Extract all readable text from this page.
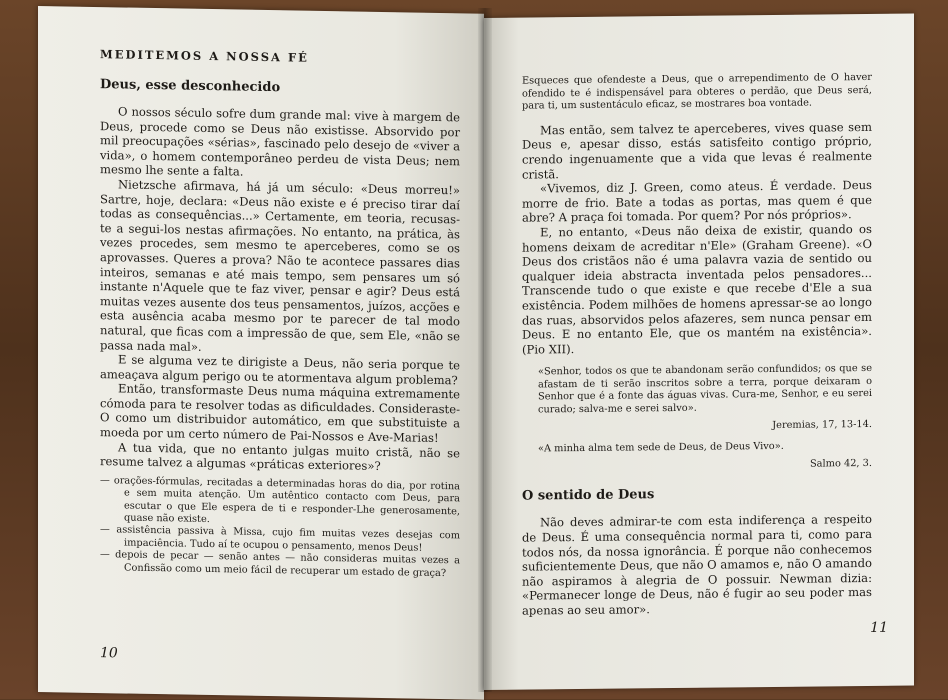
MEDITEMOS A NOSSA FÉ
Deus, esse desconhecido

O nossos século sofre dum grande mal: vive à margem de Deus, procede como se Deus não existisse. Absorvido por mil preocupações «sérias», fascinado pelo desejo de «viver a vida», o homem contemporâneo perdeu de vista Deus; nem mesmo lhe sente a falta.

Nietzsche afirmava, há já um século: «Deus morreu!» Sartre, hoje, declara: «Deus não existe e é preciso tirar daí todas as consequências...» Certamente, em teoria, recusas-te a segui-los nestas afirmações. No entanto, na prática, às vezes procedes, sem mesmo te aperceberes, como se os aprovasses. Queres a prova? Não te acontece passares dias inteiros, semanas e até mais tempo, sem pensares um só instante n'Aquele que te faz viver, pensar e agir? Deus está muitas vezes ausente dos teus pensamentos, juízos, acções e esta ausência acaba mesmo por te parecer de tal modo natural, que ficas com a impressão de que, sem Ele, «não se passa nada mal».

E se alguma vez te dirigiste a Deus, não seria porque te ameaçava algum perigo ou te atormentava algum problema?

Então, transformaste Deus numa máquina extremamente cómoda para te resolver todas as dificuldades. Consideraste-O como um distribuidor automático, em que substituiste a moeda por um certo número de Pai-Nossos e Ave-Marias!

A tua vida, que no entanto julgas muito cristã, não se resume talvez a algumas «práticas exteriores»?

— orações-fórmulas, recitadas a determinadas horas do dia, por rotina e sem muita atenção. Um autêntico contacto com Deus, para escutar o que Ele espera de ti e responder-Lhe generosamente, quase não existe.
— assistência passiva à Missa, cujo fim muitas vezes desejas com impaciência. Tudo aí te ocupou o pensamento, menos Deus!
— depois de pecar — senão antes — não consideras muitas vezes a Confissão como um meio fácil de recuperar um estado de graça?
10

Esqueces que ofendeste a Deus, que o arrependimento de O haver ofendido te é indispensável para obteres o perdão, que Deus será, para ti, um sustentáculo eficaz, se mostrares boa vontade.

Mas então, sem talvez te aperceberes, vives quase sem Deus e, apesar disso, estás satisfeito contigo próprio, crendo ingenuamente que a vida que levas é realmente cristã.

«Vivemos, diz J. Green, como ateus. É verdade. Deus morre de frio. Bate a todas as portas, mas quem é que abre? A praça foi tomada. Por quem? Por nós próprios».

E, no entanto, «Deus não deixa de existir, quando os homens deixam de acreditar n'Ele» (Graham Greene). «O Deus dos cristãos não é uma palavra vazia de sentido ou qualquer ideia abstracta inventada pelos pensadores... Transcende tudo o que existe e que recebe d'Ele a sua existência. Podem milhões de homens apressar-se ao longo das ruas, absorvidos pelos afazeres, sem nunca pensar em Deus. E no entanto Ele, que os mantém na existência». (Pio XII).

«Senhor, todos os que te abandonam serão confundidos; os que se afastam de ti serão inscritos sobre a terra, porque deixaram o Senhor que é a fonte das águas vivas. Cura-me, Senhor, e eu serei curado; salva-me e serei salvo».

Jeremias, 17, 13-14.

«A minha alma tem sede de Deus, de Deus Vivo».

Salmo 42, 3.
O sentido de Deus

Não deves admirar-te com esta indiferença a respeito de Deus. É uma consequência normal para ti, como para todos nós, da nossa ignorância. É porque não conhecemos suficientemente Deus, que não O amamos e, não O amando não aspiramos à alegria de O possuir. Newman dizia: «Permanecer longe de Deus, não é fugir ao seu poder mas apenas ao seu amor».

11
